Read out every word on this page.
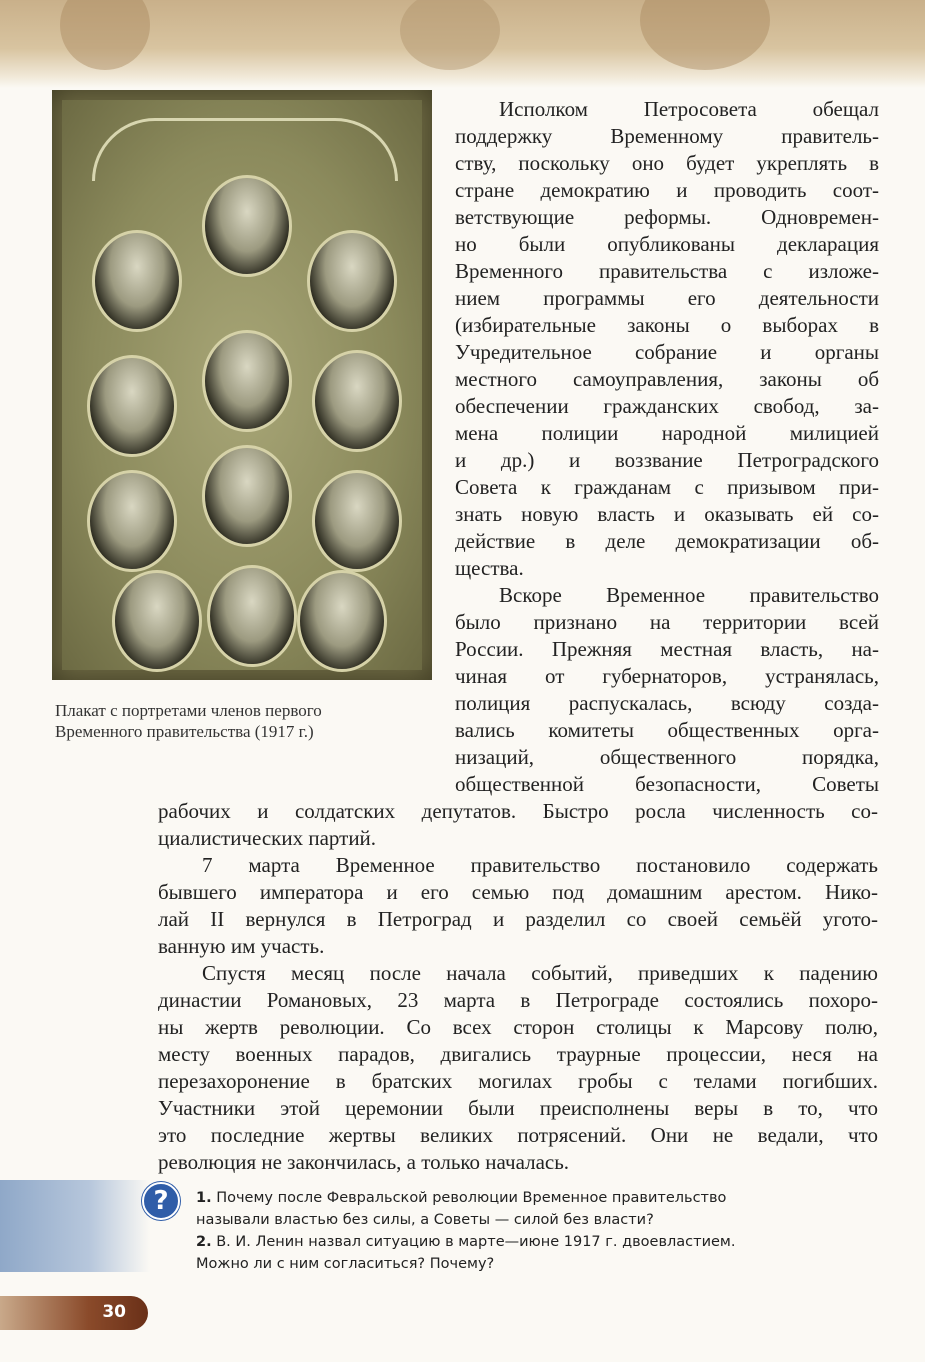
Плакат с портретами членов первого
Временного правительства (1917 г.)
Исполком Петросовета обещал
поддержку Временному правитель-
ству, поскольку оно будет укреплять в
стране демократию и проводить соот-
ветствующие реформы. Одновремен-
но были опубликованы декларация
Временного правительства с изложе-
нием программы его деятельности
(избирательные законы о выборах в
Учредительное собрание и органы
местного самоуправления, законы об
обеспечении гражданских свобод, за-
мена полиции народной милицией
и др.) и воззвание Петроградского
Совета к гражданам с призывом при-
знать новую власть и оказывать ей со-
действие в деле демократизации об-
щества.
Вскоре Временное правительство
было признано на территории всей
России. Прежняя местная власть, на-
чиная от губернаторов, устранялась,
полиция распускалась, всюду созда-
вались комитеты общественных орга-
низаций, общественного порядка,
общественной безопасности, Советы
рабочих и солдатских депутатов. Быстро росла численность со-
циалистических партий.
7 марта Временное правительство постановило содержать
бывшего императора и его семью под домашним арестом. Нико-
лай II вернулся в Петроград и разделил со своей семьёй угото-
ванную им участь.
Спустя месяц после начала событий, приведших к падению
династии Романовых, 23 марта в Петрограде состоялись похоро-
ны жертв революции. Со всех сторон столицы к Марсову полю,
месту военных парадов, двигались траурные процессии, неся на
перезахоронение в братских могилах гробы с телами погибших.
Участники этой церемонии были преисполнены веры в то, что
это последние жертвы великих потрясений. Они не ведали, что
революция не закончилась, а только началась.
?	1. Почему после Февральской революции Временное правительство
называли властью без силы, а Советы — силой без власти?
2. В. И. Ленин назвал ситуацию в марте—июне 1917 г. двоевластием.
Можно ли с ним согласиться? Почему?
30
